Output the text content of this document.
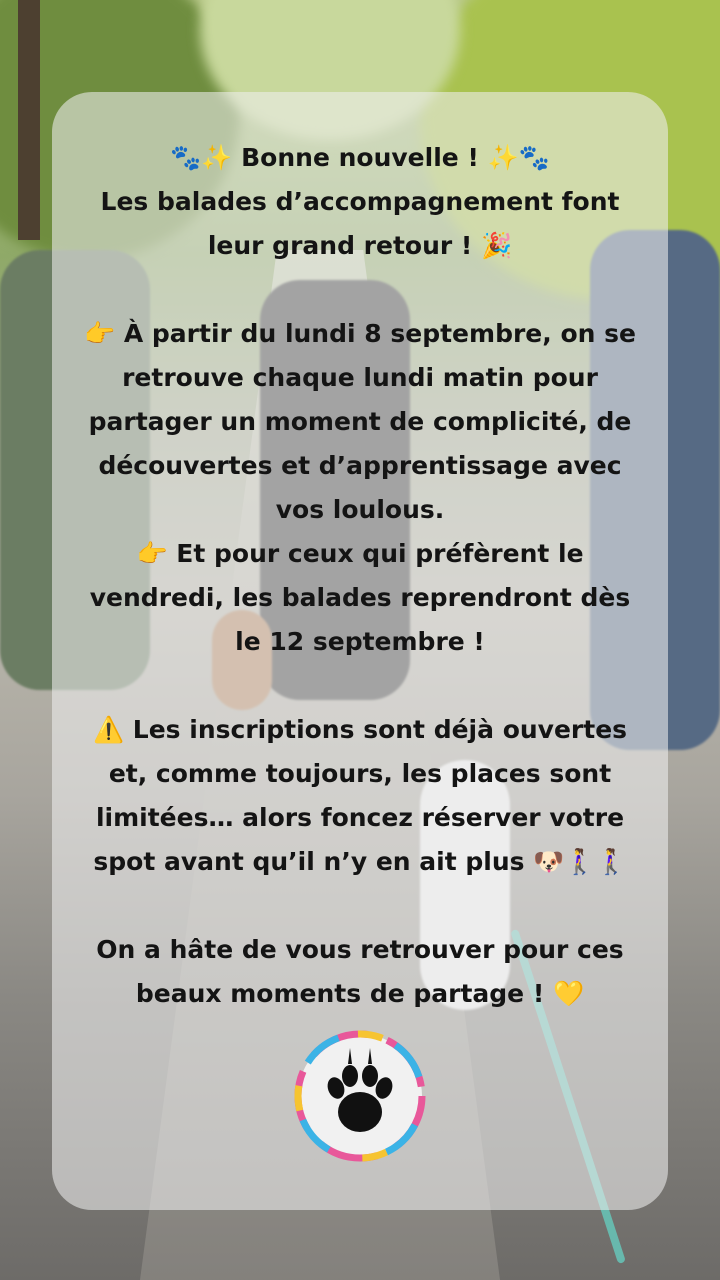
🐾✨ Bonne nouvelle ! ✨🐾

Les balades d’accompagnement font

leur grand retour ! 🎉

👉 À partir du lundi 8 septembre, on se

retrouve chaque lundi matin pour

partager un moment de complicité, de

découvertes et d’apprentissage avec

vos loulous.

👉 Et pour ceux qui préfèrent le

vendredi, les balades reprendront dès

le 12 septembre !

⚠️ Les inscriptions sont déjà ouvertes

et, comme toujours, les places sont

limitées… alors foncez réserver votre

spot avant qu’il n’y en ait plus 🐶🚶‍♀️🚶‍♀️

On a hâte de vous retrouver pour ces

beaux moments de partage ! 💛
